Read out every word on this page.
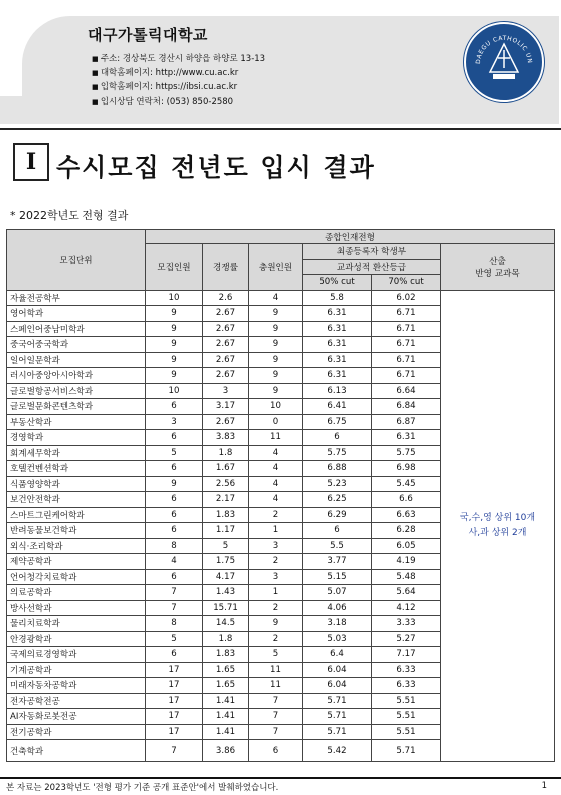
대구가톨릭대학교
■ 주소: 경상북도 경산시 하양읍 하양로 13-13
■ 대학홈페이지: http://www.cu.ac.kr
■ 입학홈페이지: https://ibsi.cu.ac.kr
■ 입시상담 연락처: (053) 850-2580
DAEGU CATHOLIC UN
I 수시모집 전년도 입시 결과
* 2022학년도 전형 결과
모집단위	종합인재전형					
	모집인원	경쟁률	충원인원	최종등록자 학생부		산출
반영 교과목

				교과성적 환산등급		
				50% cut	70% cut	
자율전공학부	10	2.6	4	5.8	6.02	국,수,영 상위 10개
사,과 상위 2개

영어학과	9	2.67	9	6.31	6.71	
스페인어중남미학과	9	2.67	9	6.31	6.71	
중국어중국학과	9	2.67	9	6.31	6.71	
일어일문학과	9	2.67	9	6.31	6.71	
러시아중앙아시아학과	9	2.67	9	6.31	6.71	
글로벌항공서비스학과	10	3	9	6.13	6.64	
글로벌문화콘텐츠학과	6	3.17	10	6.41	6.84	
부동산학과	3	2.67	0	6.75	6.87	
경영학과	6	3.83	11	6	6.31	
회계세무학과	5	1.8	4	5.75	5.75	
호텔컨벤션학과	6	1.67	4	6.88	6.98	
식품영양학과	9	2.56	4	5.23	5.45	
보건안전학과	6	2.17	4	6.25	6.6	
스마트그린케어학과	6	1.83	2	6.29	6.63	
반려동물보건학과	6	1.17	1	6	6.28	
외식·조리학과	8	5	3	5.5	6.05	
제약공학과	4	1.75	2	3.77	4.19	
언어청각치료학과	6	4.17	3	5.15	5.48	
의료공학과	7	1.43	1	5.07	5.64	
방사선학과	7	15.71	2	4.06	4.12	
물리치료학과	8	14.5	9	3.18	3.33	
안경광학과	5	1.8	2	5.03	5.27	
국제의료경영학과	6	1.83	5	6.4	7.17	
기계공학과	17	1.65	11	6.04	6.33	
미래자동차공학과	17	1.65	11	6.04	6.33	
전자공학전공	17	1.41	7	5.71	5.51	
AI자동화로봇전공	17	1.41	7	5.71	5.51	
전기공학과	17	1.41	7	5.71	5.51	
건축학과	7	3.86	6	5.42	5.71	
본 자료는 2023학년도 '전형 평가 기준 공개 표준안'에서 발췌하였습니다.	1
